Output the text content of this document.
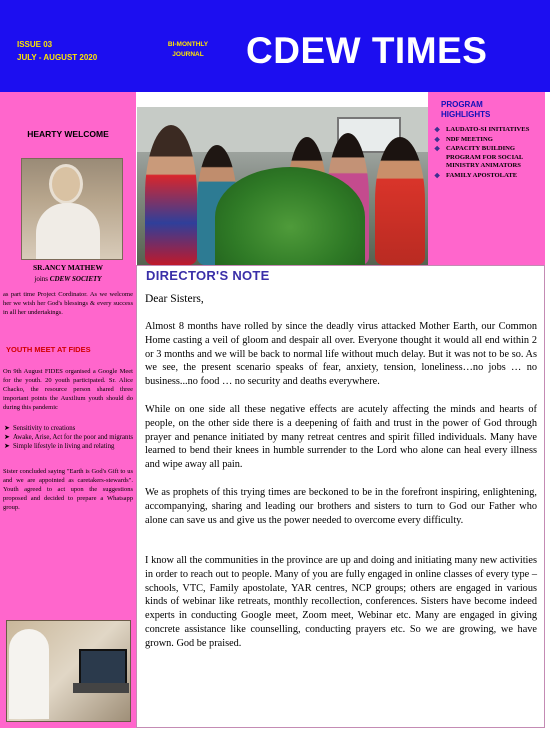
ISSUE 03
JULY - AUGUST 2020
BI-MONTHLY
JOURNAL	CDEW TIMES
HEARTY WELCOME
SR.ANCY MATHEW
joins CDEW SOCIETY

as part time Project Cordinator. As we welcome her we wish her God's blessings & every success in all her undertakings.

YOUTH MEET AT FIDES

On 9th August FIDES organised a Google Meet for the youth. 20 youth participated. Sr. Alice Chacko, the resource person shared three important points the Auxilium youth should do during this pandemic

➤ Sensitivity to creations
➤ Awake, Arise, Act for the poor and migrants
➤ Simple lifestyle in living and relating

Sister concluded saying "Earth is God's Gift to us and we are appointed as caretakers-stewards". Youth agreed to act upon the suggestions proposed and decided to prepare a Whatsapp group.

PROGRAM
HIGHLIGHTS
❖ LAUDATO-SI INITIATIVES
❖ NDF MEETING
❖ CAPACITY BUILDING PROGRAM FOR SOCIAL MINISTRY ANIMATORS
❖ FAMILY APOSTOLATE
DIRECTOR'S NOTE

Dear Sisters,

Almost 8 months have rolled by since the deadly virus attacked Mother Earth, our Common Home casting a veil of gloom and despair all over. Everyone thought it would all end within 2 or 3 months and we will be back to normal life without much delay. But it was not to be so. As we see, the present scenario speaks of fear, anxiety, tension, loneliness…no jobs … no business...no food … no security and deaths everywhere.

While on one side all these negative effects are acutely affecting the minds and hearts of people, on the other side there is a deepening of faith and trust in the power of God through prayer and penance initiated by many retreat centres and spirit filled individuals. Many have learned to bend their knees in humble surrender to the Lord who alone can heal every illness and wipe away all pain.

We as prophets of this trying times are beckoned to be in the forefront inspiring, enlightening, accompanying, sharing and leading our brothers and sisters to turn to God our Father who alone can save us and give us the power needed to overcome every difficulty.

I know all the communities in the province are up and doing and initiating many new activities in order to reach out to people. Many of you are fully engaged in online classes of every type – schools, VTC, Family apostolate, YAR centres, NCP groups; others are engaged in various kinds of webinar like retreats, monthly recollection, conferences. Sisters have become indeed experts in conducting Google meet, Zoom meet, Webinar etc. Many are engaged in giving concrete assistance like counselling, conducting prayers etc. So we are growing, we have grown. God be praised.
